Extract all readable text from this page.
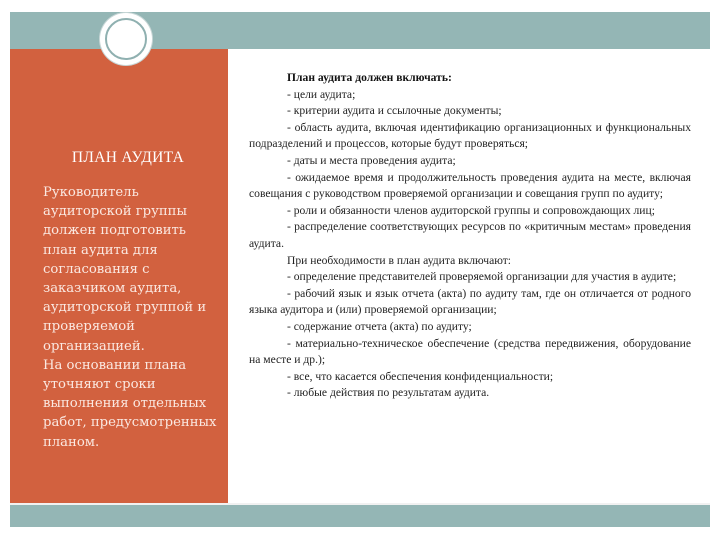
ПЛАН АУДИТА
Руководитель
аудиторской группы
должен подготовить
план аудита для
согласования с
заказчиком аудита,
аудиторской группой и
проверяемой
организацией.
На основании плана
уточняют сроки
выполнения отдельных
работ, предусмотренных
планом.

План аудита должен включать:

- цели аудита;

- критерии аудита и ссылочные документы;

- область аудита, включая идентификацию организационных и функциональных подразделений и процессов, которые будут проверяться;

- даты и места проведения аудита;

- ожидаемое время и продолжительность проведения аудита на месте, включая совещания с руководством проверяемой организации и совещания групп по аудиту;

- роли и обязанности членов аудиторской группы и сопровождающих лиц;

- распределение соответствующих ресурсов по «критичным местам» проведения аудита.

При необходимости в план аудита включают:

- определение представителей проверяемой организации для участия в аудите;

- рабочий язык и язык отчета (акта) по аудиту там, где он отличается от родного языка аудитора и (или) проверяемой организации;

- содержание отчета (акта) по аудиту;

- материально-техническое обеспечение (средства передвижения, оборудование на месте и др.);

- все, что касается обеспечения конфиденциальности;

- любые действия по результатам аудита.
